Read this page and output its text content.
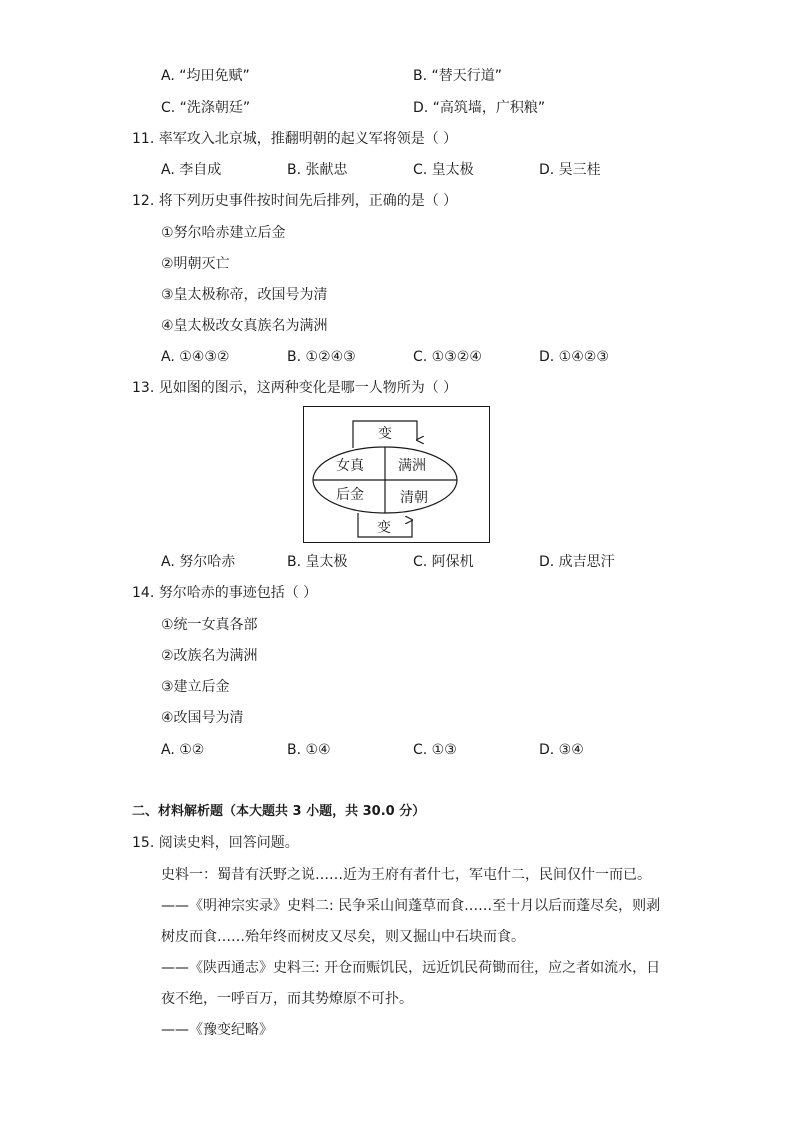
A. “均田免赋”	B. “替天行道”
C. “洗涤朝廷”	D. “高筑墙，广积粮”
11. 率军攻入北京城，推翻明朝的起义军将领是（ ）
A. 李自成	B. 张献忠	C. 皇太极	D. 吴三桂
12. 将下列历史事件按时间先后排列，正确的是（ ）
①努尔哈赤建立后金
②明朝灭亡
③皇太极称帝，改国号为清
④皇太极改女真族名为满洲
A. ①④③②	B. ①②④③	C. ①③②④	D. ①④②③
13. 见如图的图示，这两种变化是哪一人物所为（ ）
变
女真 满洲
后金	清朝
变
A. 努尔哈赤	B. 皇太极	C. 阿保机	D. 成吉思汗
14. 努尔哈赤的事迹包括（ ）
①统一女真各部
②改族名为满洲
③建立后金
④改国号为清
A. ①②	B. ①④	C. ①③	D. ③④
二、材料解析题（本大题共 3 小题，共 30.0 分）
15. 阅读史料，回答问题。
史料一：蜀昔有沃野之说……近为王府有者什七，军屯什二，民间仅什一而已。
——《明神宗实录》史料二: 民争采山间蓬草而食……至十月以后而蓬尽矣，则剥
树皮而食……殆年终而树皮又尽矣，则又掘山中石块而食。
——《陕西通志》史料三: 开仓而赈饥民，远近饥民荷锄而往，应之者如流水，日
夜不绝，一呼百万，而其势燎原不可扑。
——《豫变纪略》
